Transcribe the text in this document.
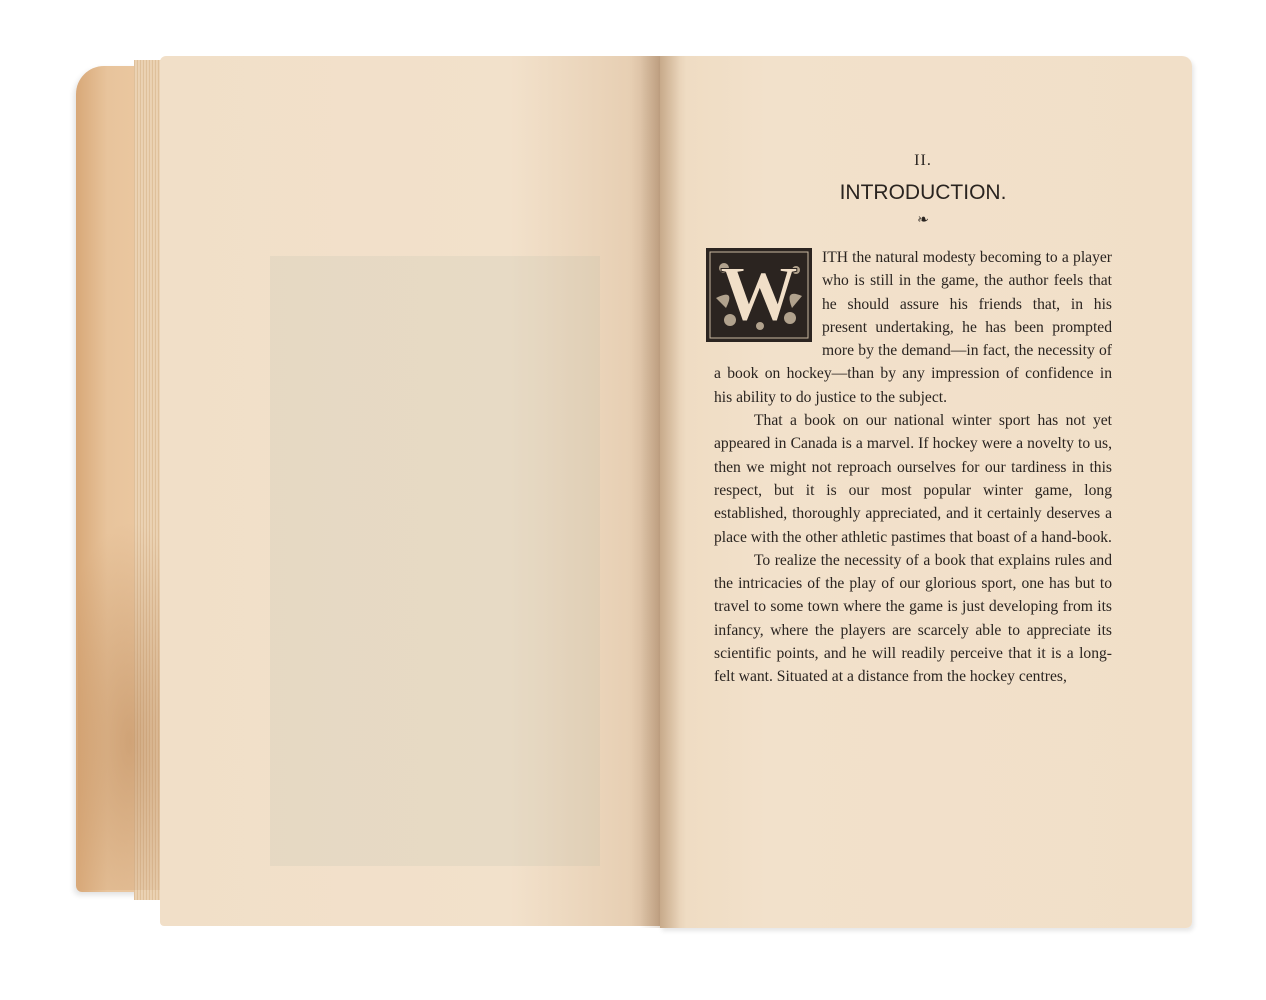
II.
INTRODUCTION.
❧
W ITH the natural modesty becoming to a player who is still in the game, the author feels that he should assure his friends that, in his present undertaking, he has been prompted more by the demand—in fact, the necessity of a book on hockey—than by any impression of confidence in his ability to do justice to the subject.
That a book on our national winter sport has not yet appeared in Canada is a marvel. If hockey were a novelty to us, then we might not reproach ourselves for our tardiness in this respect, but it is our most popular winter game, long established, thoroughly appreciated, and it certainly deserves a place with the other athletic pastimes that boast of a hand-book.
To realize the necessity of a book that explains rules and the intricacies of the play of our glorious sport, one has but to travel to some town where the game is just developing from its infancy, where the players are scarcely able to appreciate its scientific points, and he will readily perceive that it is a long-felt want. Situated at a distance from the hockey centres,
